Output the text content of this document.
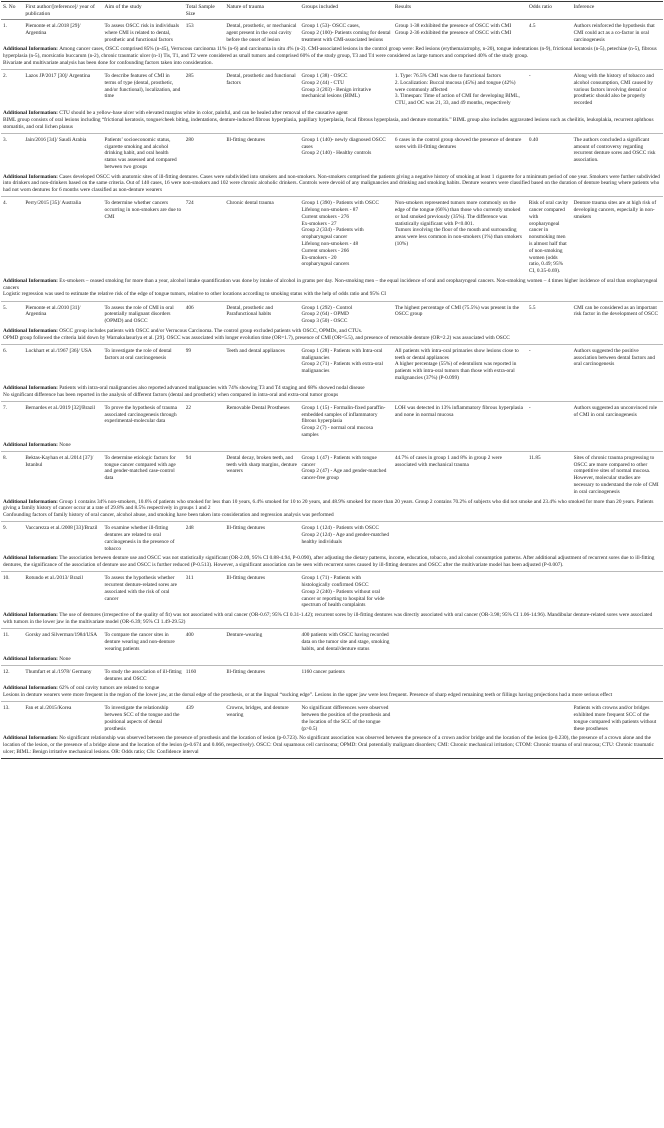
S. No	First author/[reference]/ year of publication	Aim of the study	Total Sample Size	Nature of trauma	Groups included	Results	Odds ratio	Inference
1.	Piemonte et al./2018 [29]/ Argentina	To assess OSCC risk in individuals where CMI is related to dental, prosthetic and functional factors	153	Dental, prosthetic, or mechanical agent present in the oral cavity before the onset of lesion	Group 1 (53)- OSCC cases,
Group 2 (100)- Patients coming for dental treatment with CMI-associated lesions	Group 1-38 exhibited the presence of OSCC with CMI
Group 2-36 exhibited the presence of OSCC with CMI	4.5	Authors reinforced the hypothesis that CMI could act as a co-factor in oral carcinogenesis
Additional Information: Among cancer cases, OSCC comprised 85% (n-45), Verrucous carcinoma 11% (n-6) and carcinoma in situ 4% (n-2). CMI-associated lesions in the control group were: Red lesions (erythema/atrophy, n-20), tongue indentations (n-9), frictional keratosis (n-5), petechiae (n-5), fibrous hyperplasia (n-5), morsicatio buccarum (n-2), chronic traumatic ulcer (n-1) Tis, T1, and T2 were considered as small tumors and comprised 60% of the study group, T3 and T4 were considered as large tumors and comprised 40% of the study group.
Bivariate and multivariate analysis has been done for confounding factors taken into consideration.								
2.	Lazos JP/2017 [30]/ Argentina	To describe features of CMI in terms of type (dental, prosthetic, and/or functional), localization, and time	285	Dental, prosthetic and functional factors	Group 1 (38) - OSCC
Group 2 (44) - CTU
Group 3 (203) - Benign irritative mechanical lesions (BIML)	1. Type: 76.5% CMI was due to functional factors
2. Localization: Buccal mucosa (45%) and tongue (42%) were commonly affected
3. Timespan: Time of action of CMI for developing BIML, CTU, and OC was 21, 33, and 49 months, respectively	-	Along with the history of tobacco and alcohol consumption, CMI caused by various factors involving dental or prosthetic should also be properly recorded
Additional Information: CTU should be a yellow-base ulcer with elevated margins white in color, painful, and can be healed after removal of the causative agent
BIML group consists of oral lesions including “frictional keratosis, tongue/cheek biting, indentations, denture-induced fibrous hyperplasia, papillary hyperplasia, focal fibrous hyperplasia, and denture stomatitis.” BIML group also includes aggravated lesions such as cheilitis, leukoplakia, recurrent aphthous stomatitis, and oral lichen planus								
3.	Jain/2016 [34]/ Saudi Arabia	Patients’ socioeconomic status, cigarette smoking and alcohol drinking habit, and oral health status was assessed and compared between two groups	280	Ill-fitting dentures	Group 1 (140)- newly diagnosed OSCC cases
Group 2 (140) - Healthy controls	6 cases in the control group showed the presence of denture sores with ill-fitting dentures	0.40	The authors concluded a significant amount of controversy regarding recurrent denture sores and OSCC risk association.
Additional Information: Cases developed OSCC with anatomic sites of ill-fitting dentures. Cases were subdivided into smokers and non-smokers. Non-smokers comprised the patients giving a negative history of smoking at least 1 cigarette for a minimum period of one year. Smokers were further subdivided into drinkers and non-drinkers based on the same criteria. Out of 140 cases, 16 were non-smokers and 102 were chronic alcoholic drinkers. Controls were devoid of any malignancies and drinking and smoking habits. Denture wearers were classified based on the duration of denture bearing where patients who had not worn dentures for 6 months were classified as non-denture wearers								
4.	Perry/2015 [35]/ Australia	To determine whether cancers occurring in non-smokers are due to CMI	724	Chronic dental trauma	Group 1 (390) - Patients with OSCC
Lifelong non-smokers - 87
Current smokers - 276
Ex-smokers - 27
Group 2 (334) - Patients with oropharyngeal cancer
Lifelong non-smokers - 48
Current smokers - 266
Ex-smokers - 20
oropharyngeal cancers	Non-smokers represented tumors more commonly on the edge of the tongue (66%) than those who currently smoked or had smoked previously (35%). The difference was statistically significant with P<0.001.
Tumors involving the floor of the mouth and surrounding areas were less common in non-smokers (1%) than smokers (10%)	Risk of oral cavity cancer compared with oropharyngeal cancer in nonsmoking men is almost half that of non-smoking women (odds ratio, 0.49; 95% CI, 0.35-0.69).	Denture trauma sites are at high risk of developing cancers, especially in non-smokers
Additional Information: Ex-smokers – ceased smoking for more than a year, alcohol intake quantification was done by intake of alcohol in grams per day. Non-smoking men – the equal incidence of oral and oropharyngeal cancers. Non-smoking women – 4 times higher incidence of oral than oropharyngeal cancers
Logistic regression was used to estimate the relative risk of the edge of tongue tumors, relative to other locations according to smoking status with the help of odds ratio and 95% CI								
5.	Piemonte et al./2010 [31]/ Argentina	To assess the role of CMI in oral potentially malignant disorders (OPMD) and OSCC	406	Dental, prosthetic and Parafunctional habits	Group 1 (292) - Control
Group 2 (64) - OPMD
Group 3 (50) - OSCC	The highest percentage of CMI (75.5%) was present in the OSCC group	5.5	CMI can be considered as an important risk factor in the development of OSCC
Additional Information: OSCC group includes patients with OSCC and/or Verrucous Carcinoma. The control group excluded patients with OSCC, OPMDs, and CTUs.
OPMD group followed the criteria laid down by Warnakulasuriya et al. [29]. OSCC was associated with longer evolution time (OR=1.7), presence of CMI (OR=5.5), and presence of removable denture (OR=2.2) was associated with OSCC								
6.	Lockhart et al./1967 [36]/ USA	To investigate the role of dental factors at oral carcinogenesis	99	Teeth and dental appliances	Group 1 (28) - Patients with Intra-oral malignancies
Group 2 (71) - Patients with extra-oral malignancies	All patients with intra-oral primaries show lesions close to teeth or dental appliances
A higher percentage (55%) of edentulism was reported in patients with intra-oral tumors than those with extra-oral malignancies (37%) (P-0.099)	-	Authors suggested the positive association between dental factors and oral carcinogenesis
Additional Information: Patients with intra-oral malignancies also reported advanced malignancies with 74% showing T3 and T4 staging and 68% showed nodal disease
No significant difference has been reported in the analysis of different factors (dental and prosthetic) when compared in intra-oral and extra-oral tumor groups								
7.	Bernardes et al./2019 [32]/Brazil	To prove the hypothesis of trauma associated carcinogenesis through experimental-molecular data	22	Removable Dental Prostheses	Group 1 (15) - Formalin-fixed paraffin-embedded samples of inflammatory fibrous hyperplasia
Group 2 (7) - normal oral mucosa samples	LOH was detected in 13% inflammatory fibrous hyperplasia and none in normal mucosa	-	Authors suggested an unconvinced role of CMI in oral carcinogenesis
Additional Information: None								
8.	Bektas-Kayhan et al./2014 [37]/ Istanbul	To determine etiologic factors for tongue cancer compared with age and gender-matched case-control data	94	Dental decay, broken teeth, and teeth with sharp margins, denture wearers	Group 1 (47) - Patients with tongue cancer
Group 2 (47) - Age and gender-matched cancer-free group	44.7% of cases in group 1 and 8% in group 2 were associated with mechanical trauma	11.85	Sites of chronic trauma progressing to OSCC are more compared to other competitive sites of normal mucosa. However, molecular studies are necessary to understand the role of CMI in oral carcinogenesis
Additional Information: Group 1 contains 34% non-smokers, 10.6% of patients who smoked for less than 10 years, 6.4% smoked for 10 to 20 years, and 48.9% smoked for more than 20 years. Group 2 contains 70.2% of subjects who did not smoke and 23.4% who smoked for more than 20 years. Patients giving a family history of cancer occur at a rate of 29.8% and 8.5% respectively in groups 1 and 2
Confounding factors of family history of oral cancer, alcohol abuse, and smoking have been taken into consideration and regression analysis was performed								
9.	Vaccarezza et al./2008 [33]/Brazil	To examine whether ill-fitting dentures are related to oral carcinogenesis in the presence of tobacco	248	Ill-fitting dentures	Group 1 (124) - Patients with OSCC
Group 2 (124) - Age and gender-matched healthy individuals			
Additional Information: The association between denture use and OSCC was not statistically significant (OR-2.09, 95% CI 0.88-4.94, P-0.090), after adjusting the dietary patterns, income, education, tobacco, and alcohol consumption patterns. After additional adjustment of recurrent sores due to ill-fitting dentures, the significance of the association of denture use and OSCC is further reduced (P-0.513). However, a significant association can be seen with recurrent sores caused by ill-fitting dentures and OSCC after the multivariate model has been adjusted (P-0.007).								
10.	Rotundo et al./2013/ Brazil	To assess the hypothesis whether recurrent denture-related sores are associated with the risk of oral cancer	311	Ill-fitting dentures	Group 1 (71) - Patients with histologically confirmed OSCC
Group 2 (240) - Patients without oral cancer or reporting to hospital for wide spectrum of health complaints			
Additional Information: The use of dentures (irrespective of the quality of fit) was not associated with oral cancer (OR-0.67; 95% CI 0.31-1.42); recurrent sores by ill-fitting dentures was directly associated with oral cancer (OR-3.98; 95% CI 1.06-14.96). Mandibular denture-related sores were associated with tumors in the lower jaw in the multivariate model (OR-6.39; 95% CI 1.49-29.52)								
11.	Gorsky and Silverman/1984/USA	To compare the cancer sites in denture wearing and non-denture wearing patients	400	Denture-wearing	400 patients with OSCC having recorded data on the tumor site and stage, smoking habits, and dental/denture status			
Additional Information: None								
12.	Thumfart et al./1978/ Germany	To study the association of ill-fitting dentures and OSCC	1160	Ill-fitting dentures	1160 cancer patients			
Additional Information: 62% of oral cavity tumors are related to tongue
Lesions in denture wearers were more frequent in the region of the lower jaw, at the dorsal edge of the prosthesis, or at the lingual “sucking edge”. Lesions in the upper jaw were less frequent. Presence of sharp edged remaining teeth or fillings having projections had a more serious effect								
13.	Fan et al./2015/Korea	To investigate the relationship between SCC of the tongue and the positional aspects of dental prosthesis	439	Crowns, bridges, and denture wearing	No significant differences were observed between the position of the prosthesis and the location of the SCC of the tongue (p>0.5)			Patients with crowns and/or bridges exhibited more frequent SCC of the tongue compared with patients without these prostheses
Additional Information: No significant relationship was observed between the presence of prosthesis and the location of lesion (p-0.723). No significant association was observed between the presence of a crown and/or bridge and the location of the lesion (p-0.230), the presence of a crown alone and the location of the lesion, or the presence of a bridge alone and the location of the lesion (p-0.674 and 0.066, respectively). OSCC: Oral squamous cell carcinoma; OPMD: Oral potentially malignant disorders; CMI: Chronic mechanical irritation; CTOM: Chronic trauma of oral mucosa; CTU: Chronic traumatic ulcer; BIML: Benign irritative mechanical lesions. OR: Odds ratio; CIs: Confidence interval								
